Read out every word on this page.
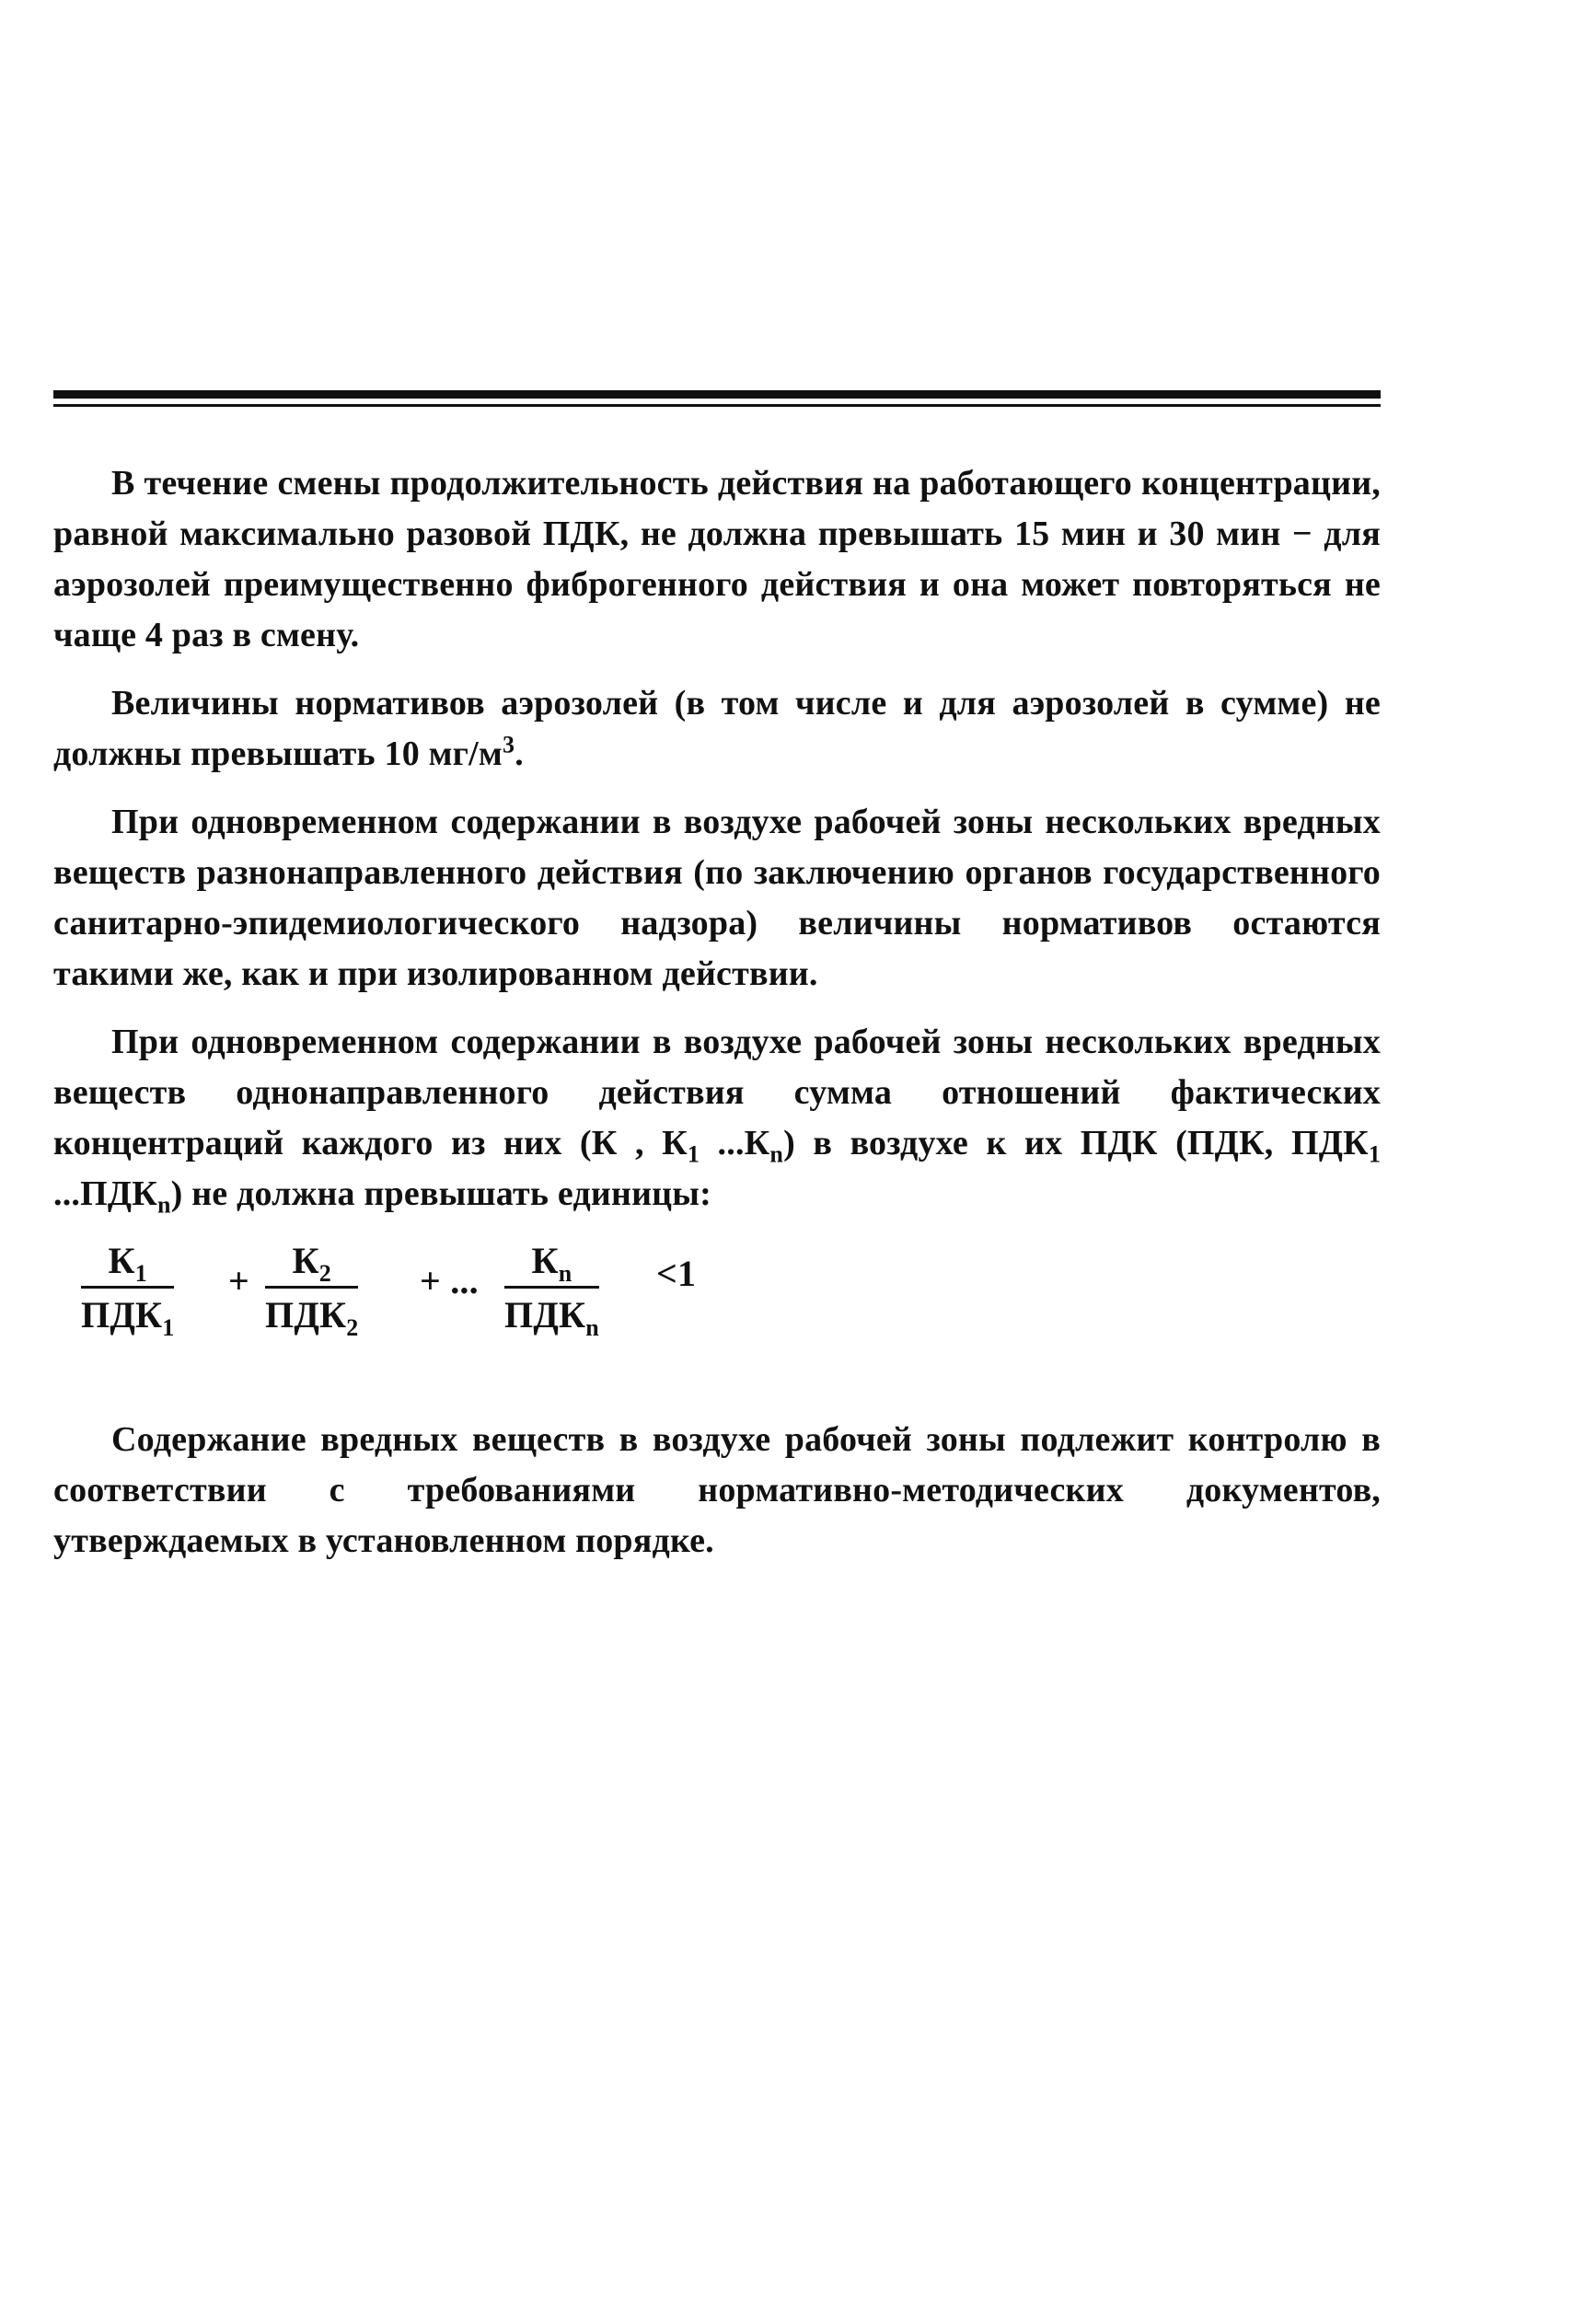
В течение смены продолжительность действия на работающего концентрации, равной максимально разовой ПДК, не должна превышать 15 мин и 30 мин − для аэрозолей преимущественно фиброгенного действия и она может повторяться не чаще 4 раз в смену.

Величины нормативов аэрозолей (в том числе и для аэрозолей в сумме) не должны превышать 10 $мг/м^3$.

При одновременном содержании в воздухе рабочей зоны нескольких вредных веществ разнонаправленного действия (по заключению органов государственного санитарно-эпидемиологического надзора) величины нормативов остаются такими же, как и при изолированном действии.

При одновременном содержании в воздухе рабочей зоны нескольких вредных веществ однонаправленного действия сумма отношений фактических концентраций каждого из них (К , $К_1$ $...К_n$) в воздухе к их ПДК (ПДК, $ПДК_1$ $...ПДК_n$) не должна превышать единицы:

$К_1$
$ПДК_1$
+	$К_2$
$ПДК_2$
+ ...	$К_n$
$ПДК_n$
<1

Содержание вредных веществ в воздухе рабочей зоны подлежит контролю в соответствии с требованиями нормативно-методических документов, утверждаемых в установленном порядке.
